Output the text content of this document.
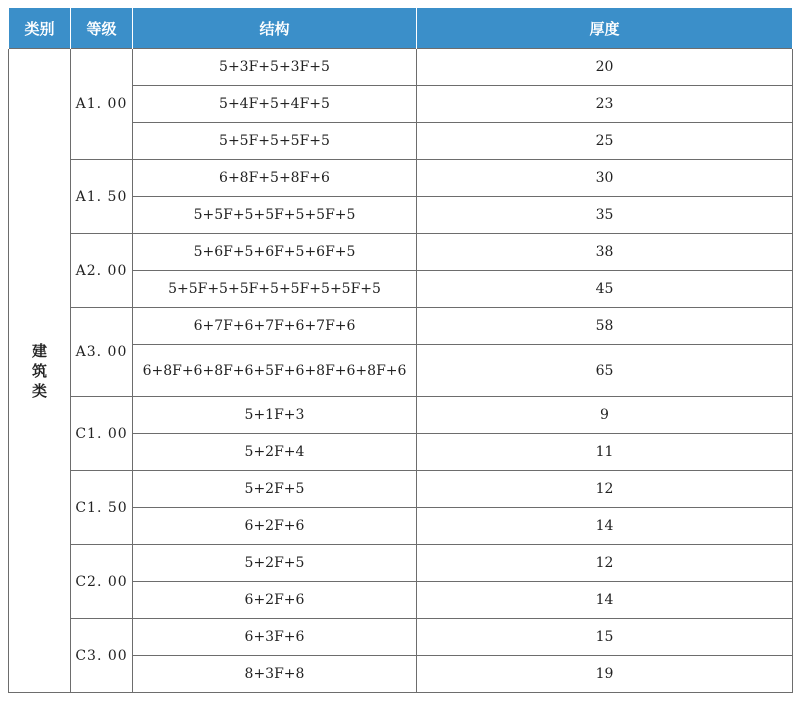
类别	等级	结构	厚度
建筑类	A1. 00	5+3F+5+3F+5	20
		5+4F+5+4F+5	23
		5+5F+5+5F+5	25
	A1. 50	6+8F+5+8F+6	30
		5+5F+5+5F+5+5F+5	35
	A2. 00	5+6F+5+6F+5+6F+5	38
		5+5F+5+5F+5+5F+5+5F+5	45
	A3. 00	6+7F+6+7F+6+7F+6	58
		6+8F+6+8F+6+5F+6+8F+6+8F+6	65
	C1. 00	5+1F+3	9
		5+2F+4	11
	C1. 50	5+2F+5	12
		6+2F+6	14
	C2. 00	5+2F+5	12
		6+2F+6	14
	C3. 00	6+3F+6	15
		8+3F+8	19
